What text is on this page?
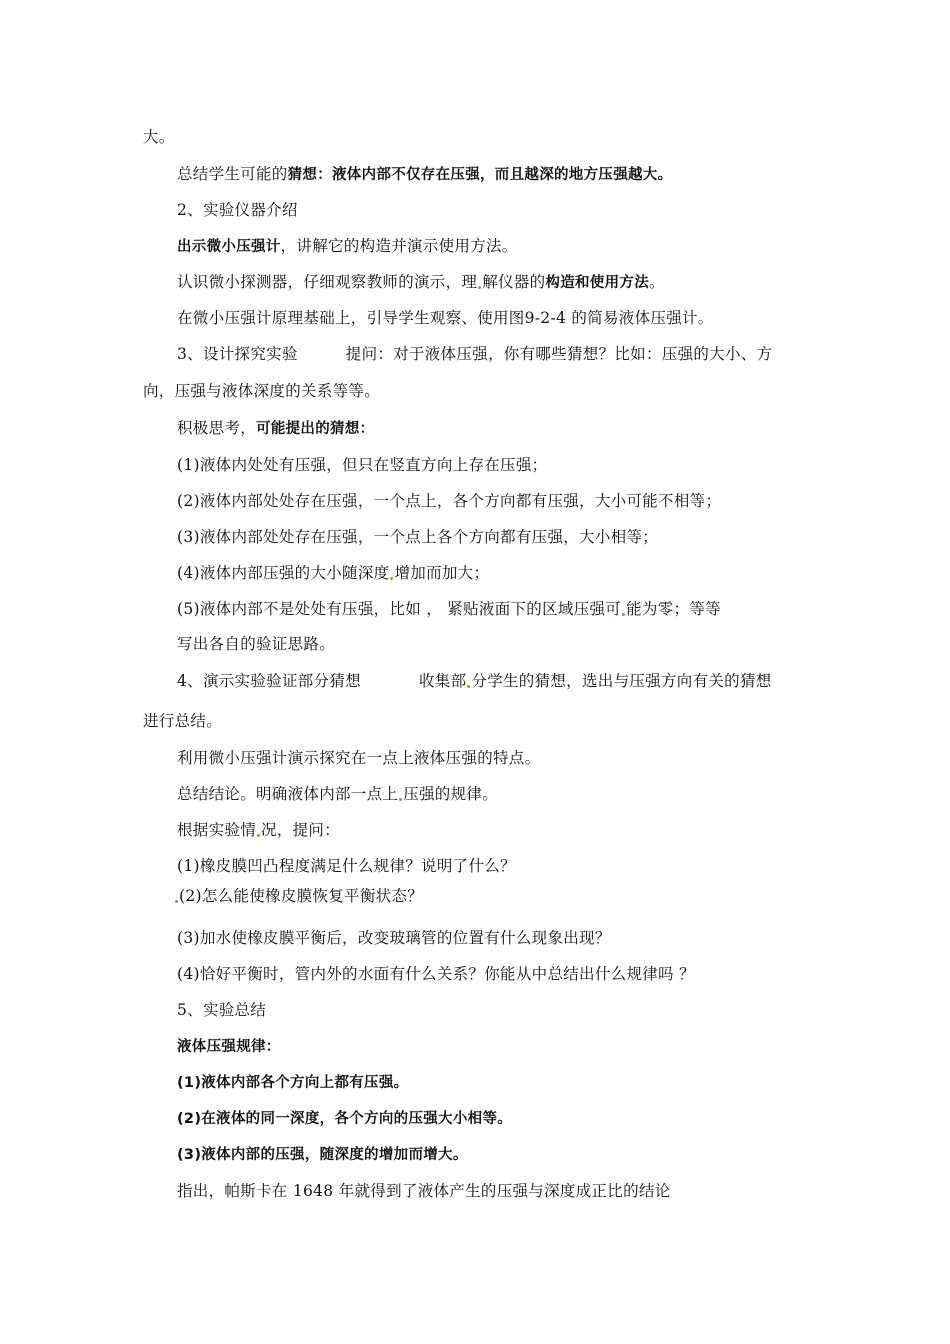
大。
总结学生可能的猜想：液体内部不仅存在压强，而且越深的地方压强越大。
2、实验仪器介绍
出示微小压强计，讲解它的构造并演示使用方法。
认识微小探测器，仔细观察教师的演示，理 解仪器的构造和使用方法。
在微小压强计原理基础上，引导学生观察、使用图9-2-4 的简易液体压强计。
3、设计探究实验	提问：对于液体压强，你有哪些猜想？比如：压强的大小、方
向，压强与液体深度的关系等等。
积极思考，可能提出的猜想：
(1)液体内处处有压强，但只在竖直方向上存在压强；
(2)液体内部处处存在压强，一个点上，各个方向都有压强，大小可能不相等；
(3)液体内部处处存在压强，一个点上各个方向都有压强，大小相等；
(4)液体内部压强的大小随深度 增加而加大；
(5)液体内部不是处处有压强，比如 ， 紧贴液面下的区域压强可 能为零；等等
写出各自的验证思路。
4、演示实验验证部分猜想	收集部 分学生的猜想，选出与压强方向有关的猜想
进行总结。
利用微小压强计演示探究在一点上液体压强的特点。
总结结论。明确液体内部一点上 压强的规律。
根据实验情 况，提问：
(1)橡皮膜凹凸程度满足什么规律？说明了什么？
(2)怎么能使橡皮膜恢复平衡状态？
(3)加水使橡皮膜平衡后，改变玻璃管的位置有什么现象出现？
(4)恰好平衡时，管内外的水面有什么关系？你能从中总结出什么规律吗 ？
5、实验总结
液体压强规律：
(1)液体内部各个方向上都有压强。
(2)在液体的同一深度，各个方向的压强大小相等。
(3)液体内部的压强，随深度的增加而增大。
指出，帕斯卡在 1648 年就得到了液体产生的压强与深度成正比的结论
